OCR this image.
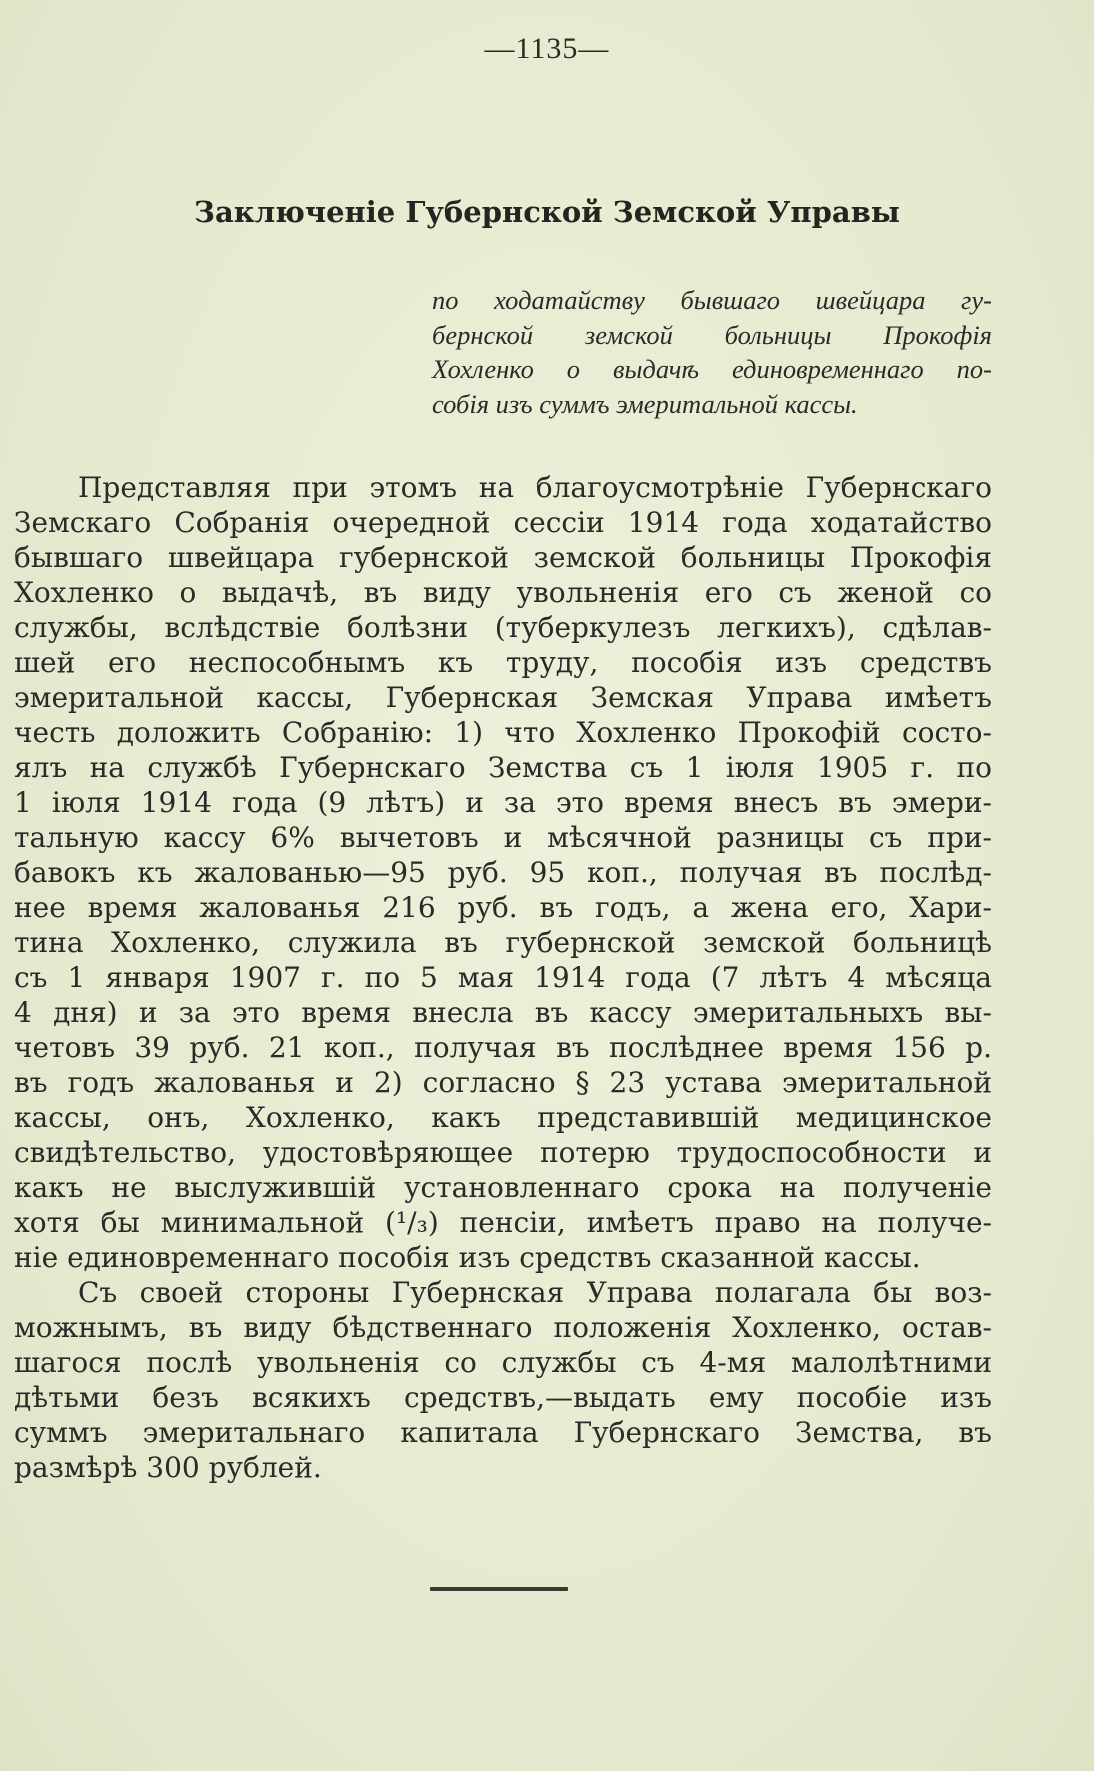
—1135—
Заключенiе Губернской Земской Управы
по ходатайству бывшаго швейцара гу-
бернской земской больницы Прокофiя
Хохленко о выдачѣ единовременнаго по-
собiя изъ суммъ эмеритальной кассы.
Представляя при этомъ на благоусмотрѣнiе Губернскаго
Земскаго Собранiя очередной сессiи 1914 года ходатайство
бывшаго швейцара губернской земской больницы Прокофiя
Хохленко о выдачѣ, въ виду увольненiя его съ женой со
службы, вслѣдствiе болѣзни (туберкулезъ легкихъ), сдѣлав-
шей его неспособнымъ къ труду, пособiя изъ средствъ
эмеритальной кассы, Губернская Земская Управа имѣетъ
честь доложить Собранiю: 1) что Хохленко Прокофiй состо-
ялъ на службѣ Губернскаго Земства съ 1 iюля 1905 г. по
1 iюля 1914 года (9 лѣтъ) и за это время внесъ въ эмери-
тальную кассу 6% вычетовъ и мѣсячной разницы съ при-
бавокъ къ жалованью—95 руб. 95 коп., получая въ послѣд-
нее время жалованья 216 руб. въ годъ, а жена его, Хари-
тина Хохленко, служила въ губернской земской больницѣ
съ 1 января 1907 г. по 5 мая 1914 года (7 лѣтъ 4 мѣсяца
4 дня) и за это время внесла въ кассу эмеритальныхъ вы-
четовъ 39 руб. 21 коп., получая въ послѣднее время 156 р.
въ годъ жалованья и 2) согласно § 23 устава эмеритальной
кассы, онъ, Хохленко, какъ представившiй медицинское
свидѣтельство, удостовѣряющее потерю трудоспособности и
какъ не выслужившiй установленнаго срока на полученiе
хотя бы минимальной (¹/₃) пенсiи, имѣетъ право на получе-
нiе единовременнаго пособiя изъ средствъ сказанной кассы.
Съ своей стороны Губернская Управа полагала бы воз-
можнымъ, въ виду бѣдственнаго положенiя Хохленко, остав-
шагося послѣ увольненiя со службы съ 4-мя малолѣтними
дѣтьми безъ всякихъ средствъ,—выдать ему пособiе изъ
суммъ эмеритальнаго капитала Губернскаго Земства, въ
размѣрѣ 300 рублей.
